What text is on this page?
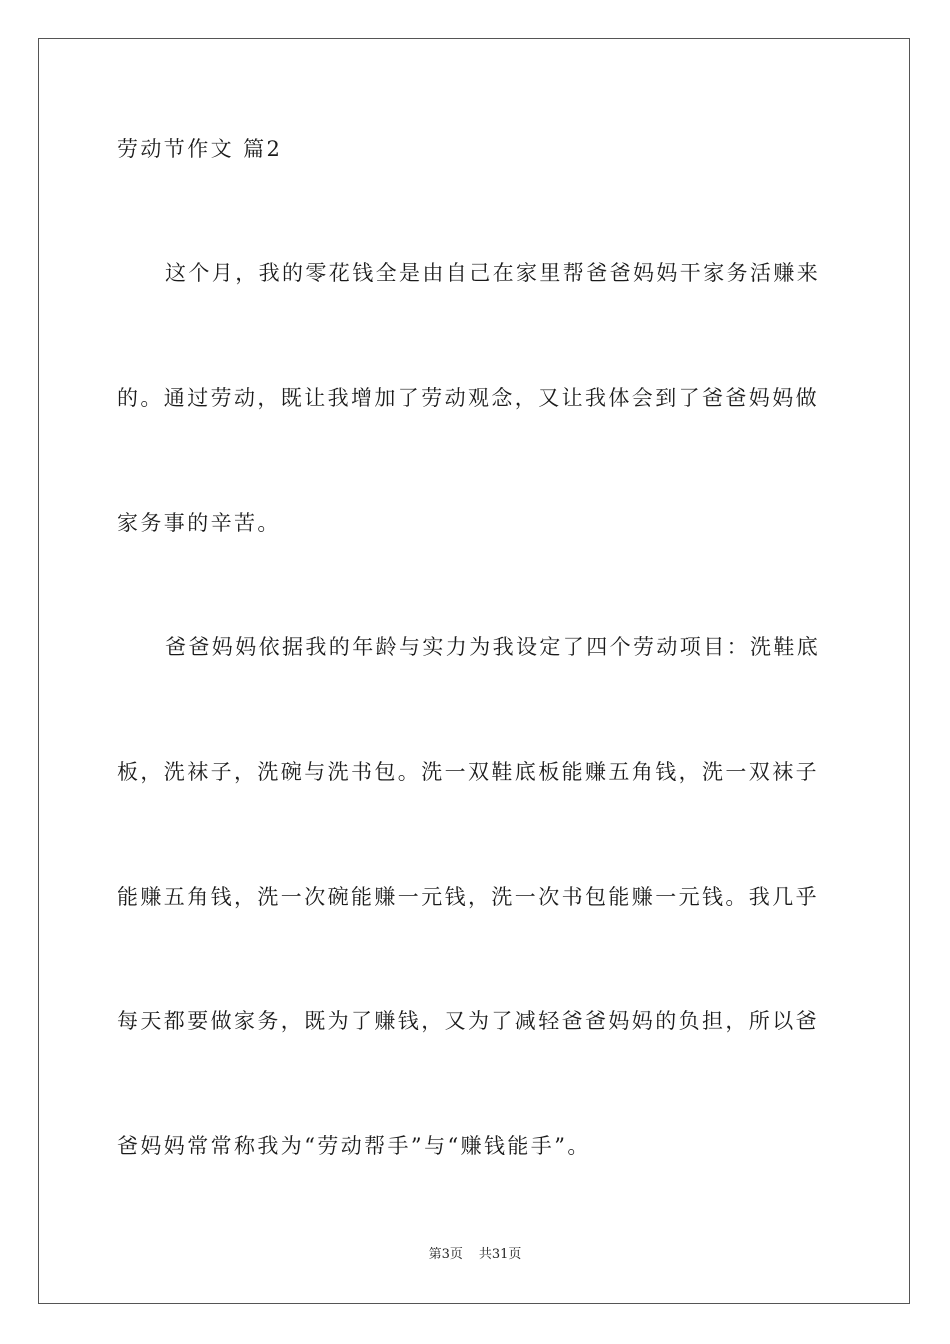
劳动节作文 篇2
这个月，我的零花钱全是由自己在家里帮爸爸妈妈干家务活赚来
的。通过劳动，既让我增加了劳动观念，又让我体会到了爸爸妈妈做
家务事的辛苦。
爸爸妈妈依据我的年龄与实力为我设定了四个劳动项目：洗鞋底
板，洗袜子，洗碗与洗书包。洗一双鞋底板能赚五角钱，洗一双袜子
能赚五角钱，洗一次碗能赚一元钱，洗一次书包能赚一元钱。我几乎
每天都要做家务，既为了赚钱，又为了减轻爸爸妈妈的负担，所以爸
爸妈妈常常称我为“劳动帮手”与“赚钱能手”。
第3页 共31页
